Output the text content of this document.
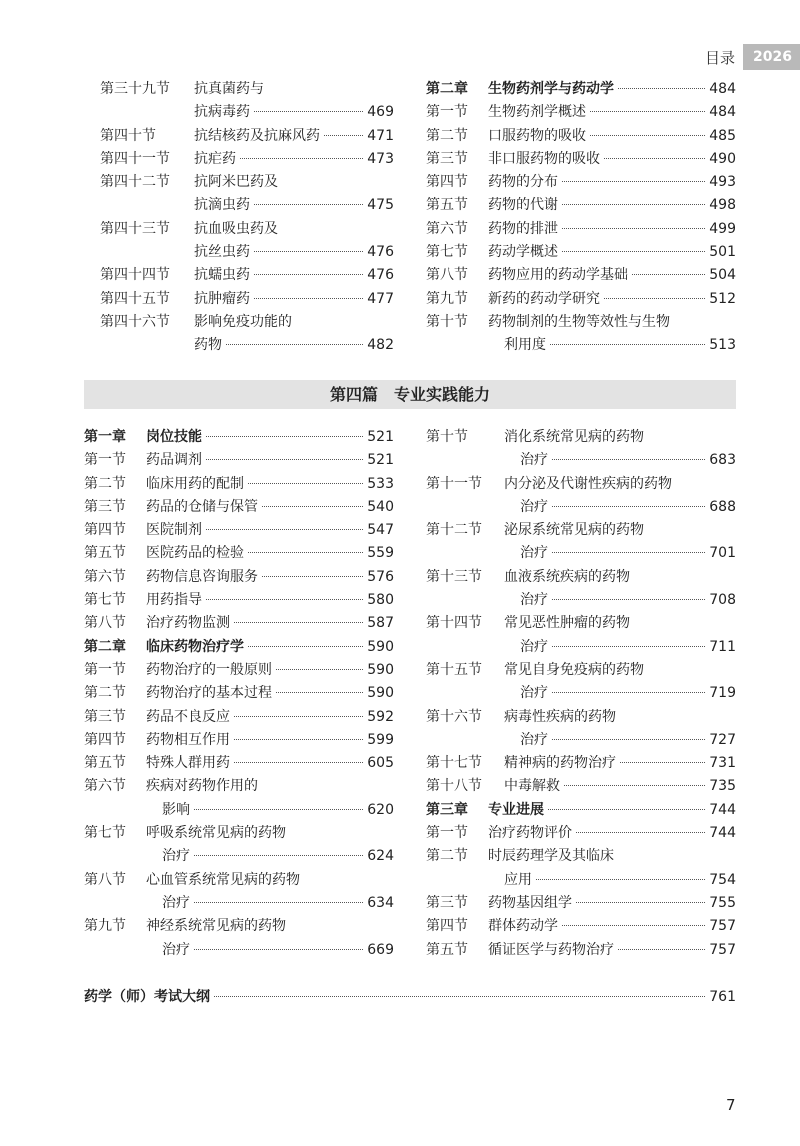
目录	2026
第三十九节	抗真菌药与
抗病毒药	469
第四十节	抗结核药及抗麻风药	471
第四十一节	抗疟药	473
第四十二节	抗阿米巴药及
抗滴虫药	475
第四十三节	抗血吸虫药及
抗丝虫药	476
第四十四节	抗蠕虫药	476
第四十五节	抗肿瘤药	477
第四十六节	影响免疫功能的
药物	482
第二章	生物药剂学与药动学	484
第一节	生物药剂学概述	484
第二节	口服药物的吸收	485
第三节	非口服药物的吸收	490
第四节	药物的分布	493
第五节	药物的代谢	498
第六节	药物的排泄	499
第七节	药动学概述	501
第八节	药物应用的药动学基础	504
第九节	新药的药动学研究	512
第十节	药物制剂的生物等效性与生物
利用度	513
第四篇 专业实践能力
第一章	岗位技能	521
第一节	药品调剂	521
第二节	临床用药的配制	533
第三节	药品的仓储与保管	540
第四节	医院制剂	547
第五节	医院药品的检验	559
第六节	药物信息咨询服务	576
第七节	用药指导	580
第八节	治疗药物监测	587
第二章	临床药物治疗学	590
第一节	药物治疗的一般原则	590
第二节	药物治疗的基本过程	590
第三节	药品不良反应	592
第四节	药物相互作用	599
第五节	特殊人群用药	605
第六节	疾病对药物作用的
影响	620
第七节	呼吸系统常见病的药物
治疗	624
第八节	心血管系统常见病的药物
治疗	634
第九节	神经系统常见病的药物
治疗	669
第十节	消化系统常见病的药物
治疗	683
第十一节	内分泌及代谢性疾病的药物
治疗	688
第十二节	泌尿系统常见病的药物
治疗	701
第十三节	血液系统疾病的药物
治疗	708
第十四节	常见恶性肿瘤的药物
治疗	711
第十五节	常见自身免疫病的药物
治疗	719
第十六节	病毒性疾病的药物
治疗	727
第十七节	精神病的药物治疗	731
第十八节	中毒解救	735
第三章	专业进展	744
第一节	治疗药物评价	744
第二节	时辰药理学及其临床
应用	754
第三节	药物基因组学	755
第四节	群体药动学	757
第五节	循证医学与药物治疗	757
药学（师）考试大纲	761
7
